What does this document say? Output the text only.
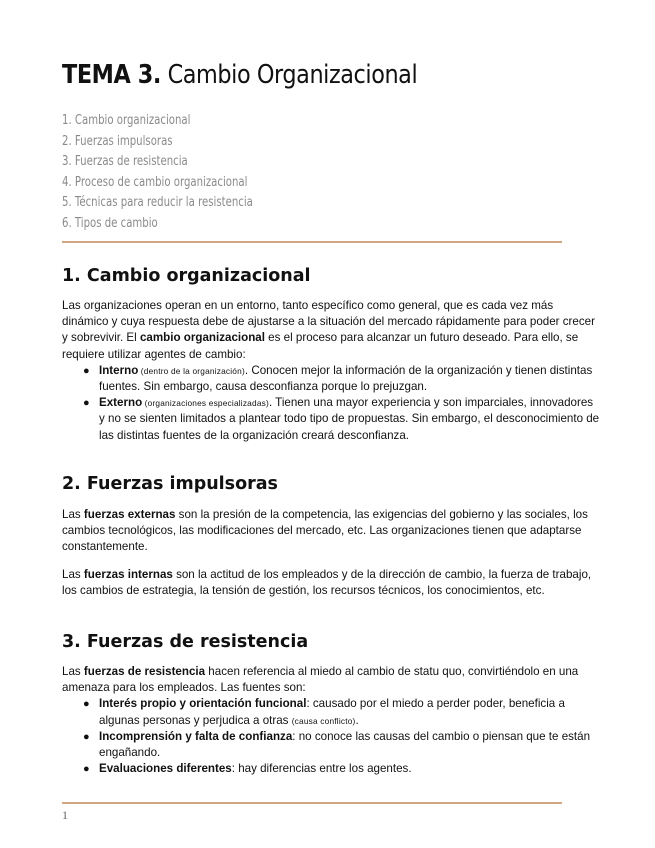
TEMA 3. Cambio Organizacional
1. Cambio organizacional
2. Fuerzas impulsoras
3. Fuerzas de resistencia
4. Proceso de cambio organizacional
5. Técnicas para reducir la resistencia
6. Tipos de cambio
1. Cambio organizacional

Las organizaciones operan en un entorno, tanto específico como general, que es cada vez más dinámico y cuya respuesta debe de ajustarse a la situación del mercado rápidamente para poder crecer y sobrevivir. El cambio organizacional es el proceso para alcanzar un futuro deseado. Para ello, se requiere utilizar agentes de cambio:

● Interno (dentro de la organización). Conocen mejor la información de la organización y tienen distintas fuentes. Sin embargo, causa desconfianza porque lo prejuzgan.
● Externo (organizaciones especializadas). Tienen una mayor experiencia y son imparciales, innovadores y no se sienten limitados a plantear todo tipo de propuestas. Sin embargo, el desconocimiento de las distintas fuentes de la organización creará desconfianza.
2. Fuerzas impulsoras

Las fuerzas externas son la presión de la competencia, las exigencias del gobierno y las sociales, los cambios tecnológicos, las modificaciones del mercado, etc. Las organizaciones tienen que adaptarse constantemente.

Las fuerzas internas son la actitud de los empleados y de la dirección de cambio, la fuerza de trabajo, los cambios de estrategia, la tensión de gestión, los recursos técnicos, los conocimientos, etc.

3. Fuerzas de resistencia

Las fuerzas de resistencia hacen referencia al miedo al cambio de statu quo, convirtiéndolo en una amenaza para los empleados. Las fuentes son:

● Interés propio y orientación funcional: causado por el miedo a perder poder, beneficia a algunas personas y perjudica a otras (causa conflicto).
● Incomprensión y falta de confianza: no conoce las causas del cambio o piensan que te están engañando.
● Evaluaciones diferentes: hay diferencias entre los agentes.
1
